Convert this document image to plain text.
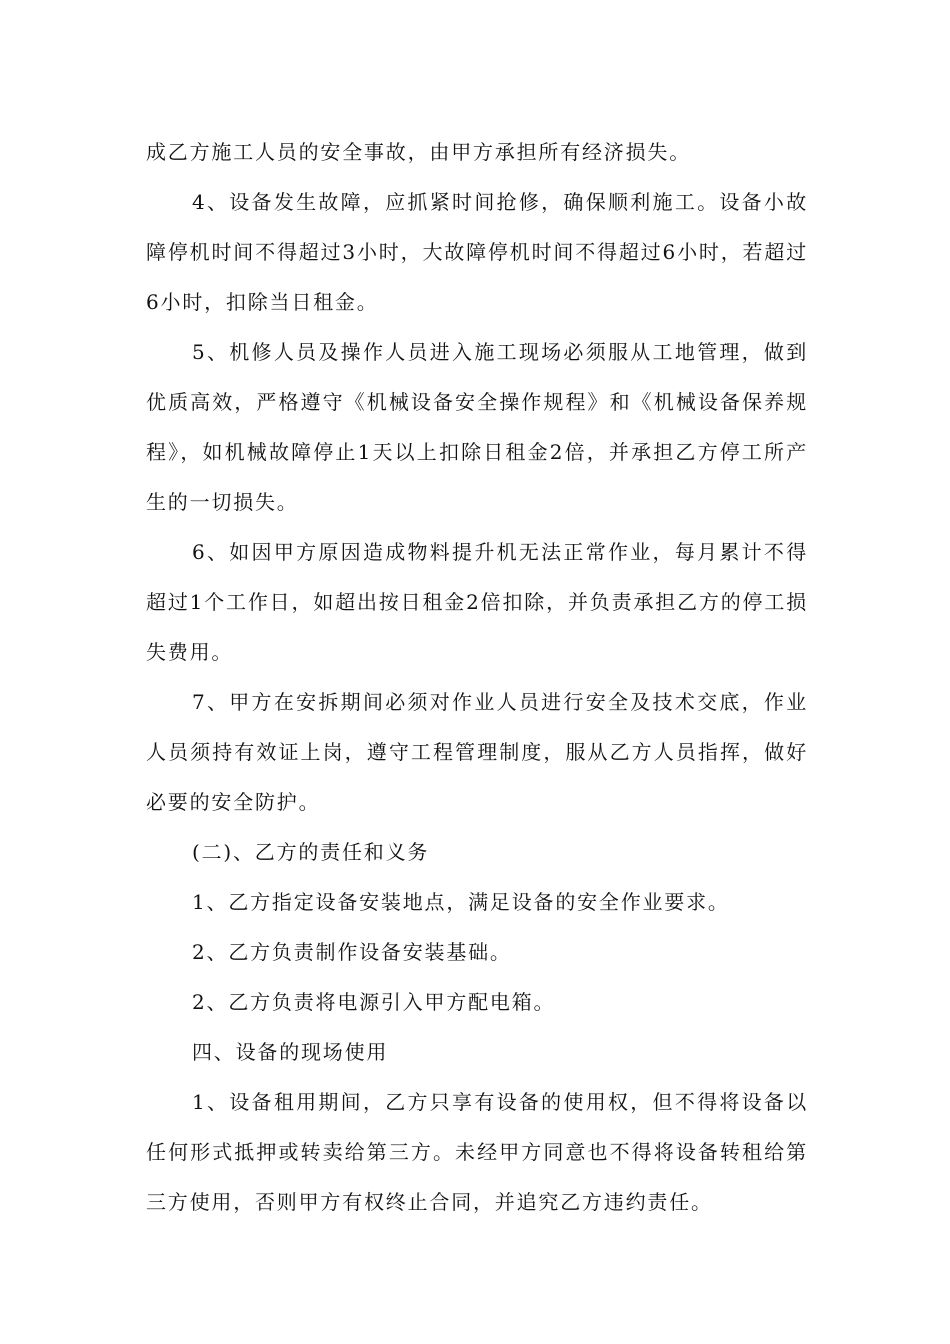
成乙方施工人员的安全事故，由甲方承担所有经济损失。

4、设备发生故障，应抓紧时间抢修，确保顺利施工。设备小故障停机时间不得超过3小时，大故障停机时间不得超过6小时，若超过6小时，扣除当日租金。

5、机修人员及操作人员进入施工现场必须服从工地管理，做到优质高效，严格遵守《机械设备安全操作规程》和《机械设备保养规程》，如机械故障停止1天以上扣除日租金2倍，并承担乙方停工所产生的一切损失。

6、如因甲方原因造成物料提升机无法正常作业，每月累计不得超过1个工作日，如超出按日租金2倍扣除，并负责承担乙方的停工损失费用。

7、甲方在安拆期间必须对作业人员进行安全及技术交底，作业人员须持有效证上岗，遵守工程管理制度，服从乙方人员指挥，做好必要的安全防护。

(二)、乙方的责任和义务

1、乙方指定设备安装地点，满足设备的安全作业要求。

2、乙方负责制作设备安装基础。

2、乙方负责将电源引入甲方配电箱。

四、设备的现场使用

1、设备租用期间，乙方只享有设备的使用权，但不得将设备以任何形式抵押或转卖给第三方。未经甲方同意也不得将设备转租给第三方使用，否则甲方有权终止合同，并追究乙方违约责任。
